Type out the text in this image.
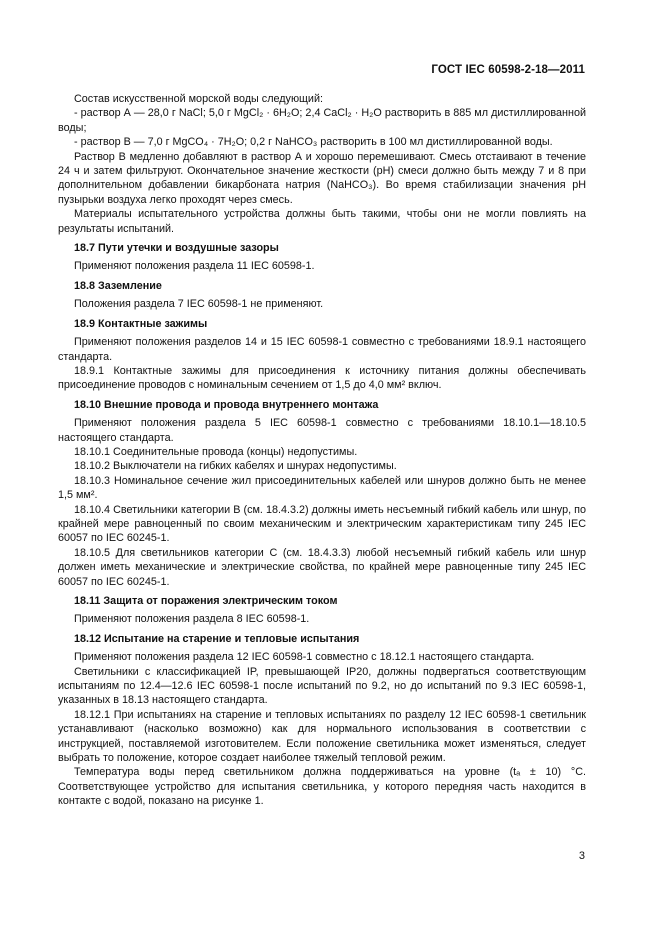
ГОСТ IEC 60598-2-18—2011

Состав искусственной морской воды следующий:

- раствор А — 28,0 г NaCl; 5,0 г MgCl₂ · 6H₂O; 2,4 CaCl₂ · H₂O растворить в 885 мл дистиллированной воды;

- раствор В — 7,0 г MgCO₄ · 7H₂O; 0,2 г NaHCO₃ растворить в 100 мл дистиллированной воды.

Раствор В медленно добавляют в раствор А и хорошо перемешивают. Смесь отстаивают в течение 24 ч и затем фильтруют. Окончательное значение жесткости (pH) смеси должно быть между 7 и 8 при дополнительном добавлении бикарбоната натрия (NaHCO₃). Во время стабилизации значения pH пузырьки воздуха легко проходят через смесь.

Материалы испытательного устройства должны быть такими, чтобы они не могли повлиять на результаты испытаний.

18.7 Пути утечки и воздушные зазоры

Применяют положения раздела 11 IEC 60598-1.

18.8 Заземление

Положения раздела 7 IEC 60598-1 не применяют.

18.9 Контактные зажимы

Применяют положения разделов 14 и 15 IEC 60598-1 совместно с требованиями 18.9.1 настоящего стандарта.

18.9.1 Контактные зажимы для присоединения к источнику питания должны обеспечивать присоединение проводов с номинальным сечением от 1,5 до 4,0 мм² включ.

18.10 Внешние провода и провода внутреннего монтажа

Применяют положения раздела 5 IEC 60598-1 совместно с требованиями 18.10.1—18.10.5 настоящего стандарта.

18.10.1 Соединительные провода (концы) недопустимы.

18.10.2 Выключатели на гибких кабелях и шнурах недопустимы.

18.10.3 Номинальное сечение жил присоединительных кабелей или шнуров должно быть не менее 1,5 мм².

18.10.4 Светильники категории В (см. 18.4.3.2) должны иметь несъемный гибкий кабель или шнур, по крайней мере равноценный по своим механическим и электрическим характеристикам типу 245 IEC 60057 по IEC 60245-1.

18.10.5 Для светильников категории С (см. 18.4.3.3) любой несъемный гибкий кабель или шнур должен иметь механические и электрические свойства, по крайней мере равноценные типу 245 IEC 60057 по IEC 60245-1.

18.11 Защита от поражения электрическим током

Применяют положения раздела 8 IEC 60598-1.

18.12 Испытание на старение и тепловые испытания

Применяют положения раздела 12 IEC 60598-1 совместно с 18.12.1 настоящего стандарта.

Светильники с классификацией IP, превышающей IP20, должны подвергаться соответствующим испытаниям по 12.4—12.6 IEC 60598-1 после испытаний по 9.2, но до испытаний по 9.3 IEC 60598-1, указанных в 18.13 настоящего стандарта.

18.12.1 При испытаниях на старение и тепловых испытаниях по разделу 12 IEC 60598-1 светильник устанавливают (насколько возможно) как для нормального использования в соответствии с инструкцией, поставляемой изготовителем. Если положение светильника может изменяться, следует выбрать то положение, которое создает наиболее тяжелый тепловой режим.

Температура воды перед светильником должна поддерживаться на уровне (tₐ ± 10) °С. Соответствующее устройство для испытания светильника, у которого передняя часть находится в контакте с водой, показано на рисунке 1.

3
